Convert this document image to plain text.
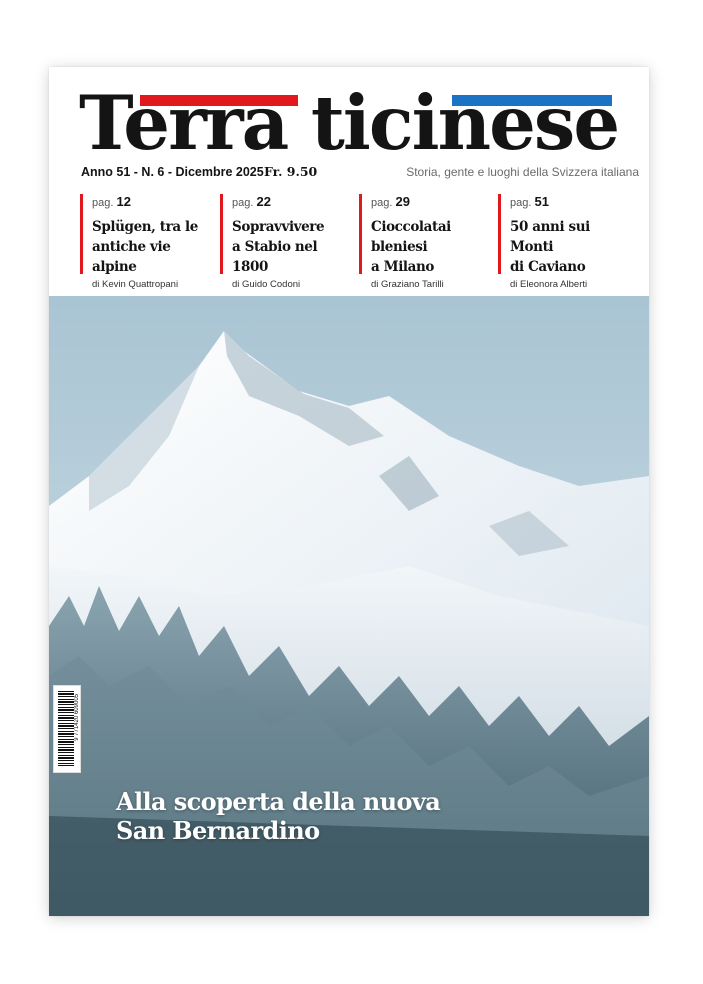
Terra ticinese
Anno 51 - N. 6 - Dicembre 2025 Fr. 9.50	Storia, gente e luoghi della Svizzera italiana
pag. 12
Splügen, tra le
antiche vie alpine
di Kevin Quattropani
pag. 22
Sopravvivere
a Stabio nel 1800
di Guido Codoni
pag. 29
Cioccolatai bleniesi
a Milano
di Graziano Tarilli
pag. 51
50 anni sui Monti
di Caviano
di Eleonora Alberti
9 771420 609005
Alla scoperta della nuova
San Bernardino
